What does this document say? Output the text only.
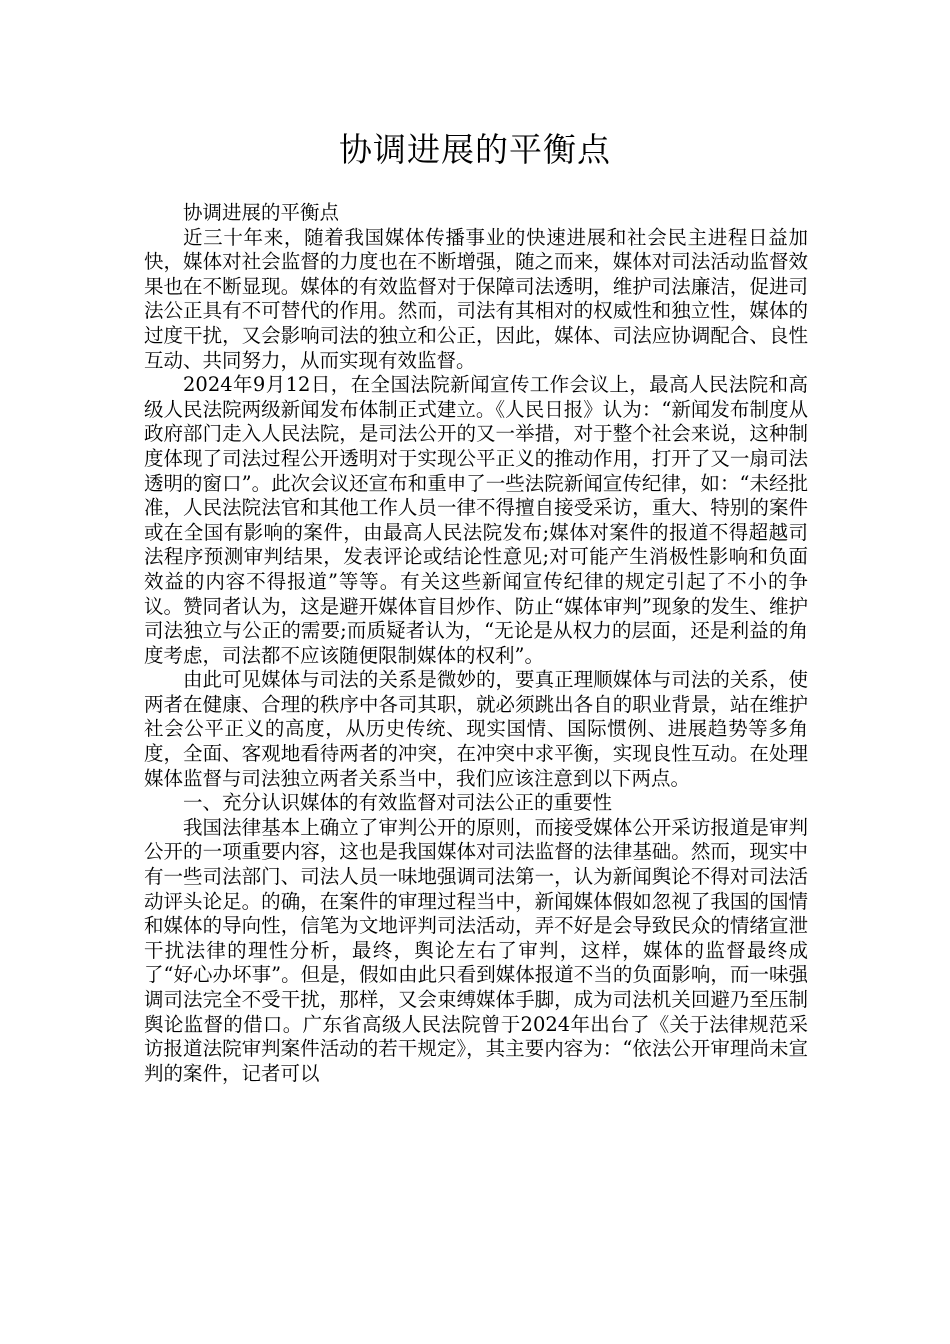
协调进展的平衡点

协调进展的平衡点

近三十年来，随着我国媒体传播事业的快速进展和社会民主进程日益加快，媒体对社会监督的力度也在不断增强，随之而来，媒体对司法活动监督效果也在不断显现。媒体的有效监督对于保障司法透明，维护司法廉洁，促进司法公正具有不可替代的作用。然而，司法有其相对的权威性和独立性，媒体的过度干扰，又会影响司法的独立和公正，因此，媒体、司法应协调配合、良性互动、共同努力，从而实现有效监督。

2024年9月12日，在全国法院新闻宣传工作会议上，最高人民法院和高级人民法院两级新闻发布体制正式建立。《人民日报》认为：“新闻发布制度从政府部门走入人民法院，是司法公开的又一举措，对于整个社会来说，这种制度体现了司法过程公开透明对于实现公平正义的推动作用，打开了又一扇司法透明的窗口”。此次会议还宣布和重申了一些法院新闻宣传纪律，如：“未经批准，人民法院法官和其他工作人员一律不得擅自接受采访，重大、特别的案件或在全国有影响的案件，由最高人民法院发布;媒体对案件的报道不得超越司法程序预测审判结果，发表评论或结论性意见;对可能产生消极性影响和负面效益的内容不得报道”等等。有关这些新闻宣传纪律的规定引起了不小的争议。赞同者认为，这是避开媒体盲目炒作、防止“媒体审判”现象的发生、维护司法独立与公正的需要;而质疑者认为，“无论是从权力的层面，还是利益的角度考虑，司法都不应该随便限制媒体的权利”。

由此可见媒体与司法的关系是微妙的，要真正理顺媒体与司法的关系，使两者在健康、合理的秩序中各司其职，就必须跳出各自的职业背景，站在维护社会公平正义的高度，从历史传统、现实国情、国际惯例、进展趋势等多角度，全面、客观地看待两者的冲突，在冲突中求平衡，实现良性互动。在处理媒体监督与司法独立两者关系当中，我们应该注意到以下两点。

一、充分认识媒体的有效监督对司法公正的重要性

我国法律基本上确立了审判公开的原则，而接受媒体公开采访报道是审判公开的一项重要内容，这也是我国媒体对司法监督的法律基础。然而，现实中有一些司法部门、司法人员一味地强调司法第一，认为新闻舆论不得对司法活动评头论足。的确，在案件的审理过程当中，新闻媒体假如忽视了我国的国情和媒体的导向性，信笔为文地评判司法活动，弄不好是会导致民众的情绪宣泄干扰法律的理性分析，最终，舆论左右了审判，这样，媒体的监督最终成了“好心办坏事”。但是，假如由此只看到媒体报道不当的负面影响，而一味强调司法完全不受干扰，那样，又会束缚媒体手脚，成为司法机关回避乃至压制舆论监督的借口。广东省高级人民法院曾于2024年出台了《关于法律规范采访报道法院审判案件活动的若干规定》，其主要内容为：“依法公开审理尚未宣判的案件，记者可以
